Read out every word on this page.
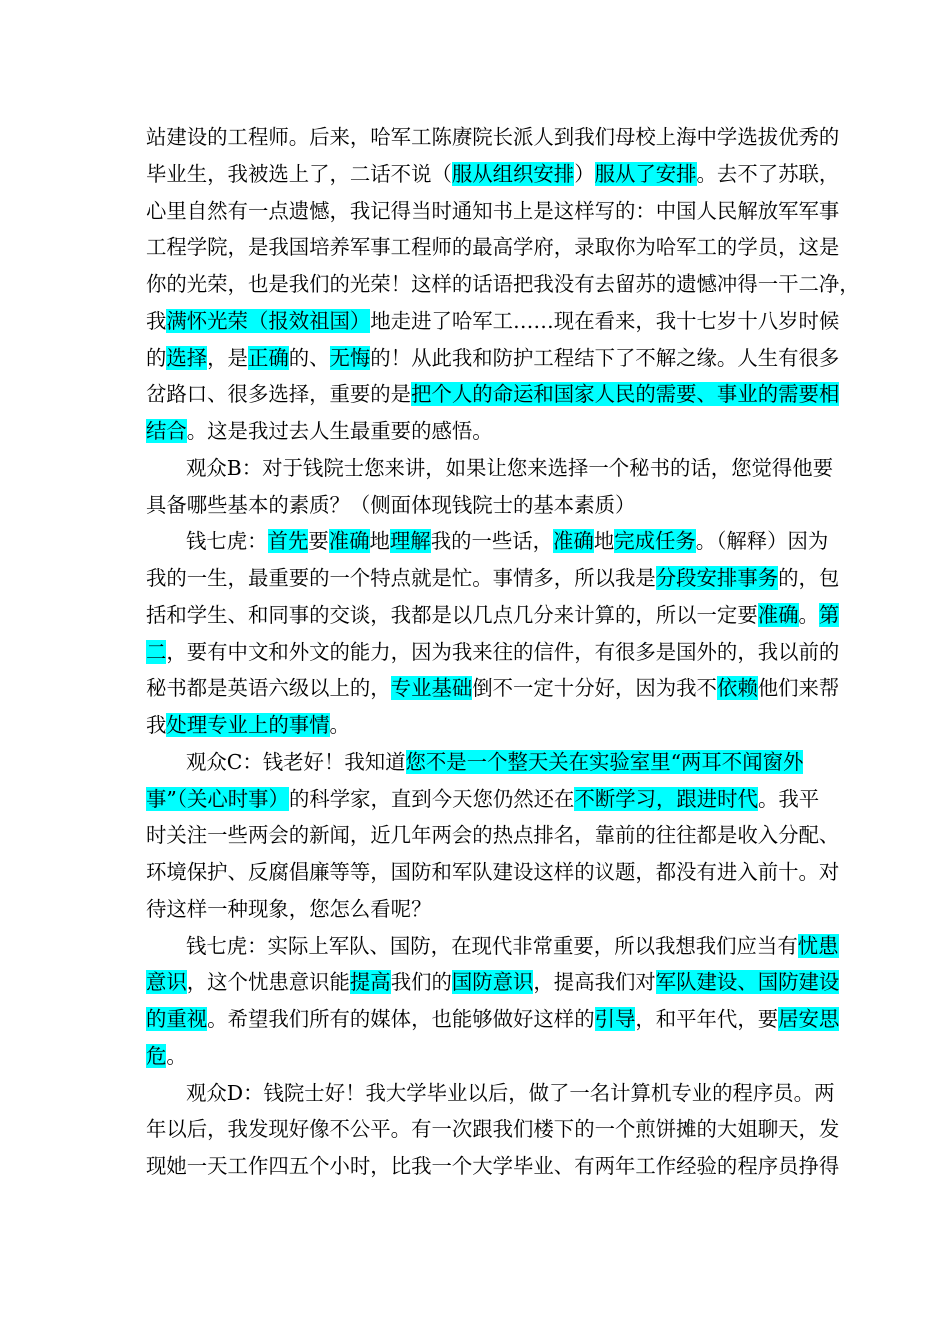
站建设的工程师。后来，哈军工陈赓院长派人到我们母校上海中学选拔优秀的
毕业生，我被选上了，二话不说（服从组织安排）服从了安排。去不了苏联，
心里自然有一点遗憾，我记得当时通知书上是这样写的：中国人民解放军军事
工程学院，是我国培养军事工程师的最高学府，录取你为哈军工的学员，这是
你的光荣，也是我们的光荣！这样的话语把我没有去留苏的遗憾冲得一干二净，
我满怀光荣（报效祖国）地走进了哈军工……现在看来，我十七岁十八岁时候
的选择，是正确的、无悔的！从此我和防护工程结下了不解之缘。人生有很多
岔路口、很多选择，重要的是把个人的命运和国家人民的需要、事业的需要相
结合。这是我过去人生最重要的感悟。
观众B：对于钱院士您来讲，如果让您来选择一个秘书的话，您觉得他要
具备哪些基本的素质？（侧面体现钱院士的基本素质）
钱七虎：首先要准确地理解我的一些话，准确地完成任务。（解释）因为
我的一生，最重要的一个特点就是忙。事情多，所以我是分段安排事务的，包
括和学生、和同事的交谈，我都是以几点几分来计算的，所以一定要准确。第
二，要有中文和外文的能力，因为我来往的信件，有很多是国外的，我以前的
秘书都是英语六级以上的，专业基础倒不一定十分好，因为我不依赖他们来帮
我处理专业上的事情。
观众C：钱老好！我知道您不是一个整天关在实验室里“两耳不闻窗外
事”（关心时事）的科学家，直到今天您仍然还在不断学习，跟进时代。我平
时关注一些两会的新闻，近几年两会的热点排名，靠前的往往都是收入分配、
环境保护、反腐倡廉等等，国防和军队建设这样的议题，都没有进入前十。对
待这样一种现象，您怎么看呢？
钱七虎：实际上军队、国防，在现代非常重要，所以我想我们应当有忧患
意识，这个忧患意识能提高我们的国防意识，提高我们对军队建设、国防建设
的重视。希望我们所有的媒体，也能够做好这样的引导，和平年代，要居安思
危。
观众D：钱院士好！我大学毕业以后，做了一名计算机专业的程序员。两
年以后，我发现好像不公平。有一次跟我们楼下的一个煎饼摊的大姐聊天，发
现她一天工作四五个小时，比我一个大学毕业、有两年工作经验的程序员挣得
